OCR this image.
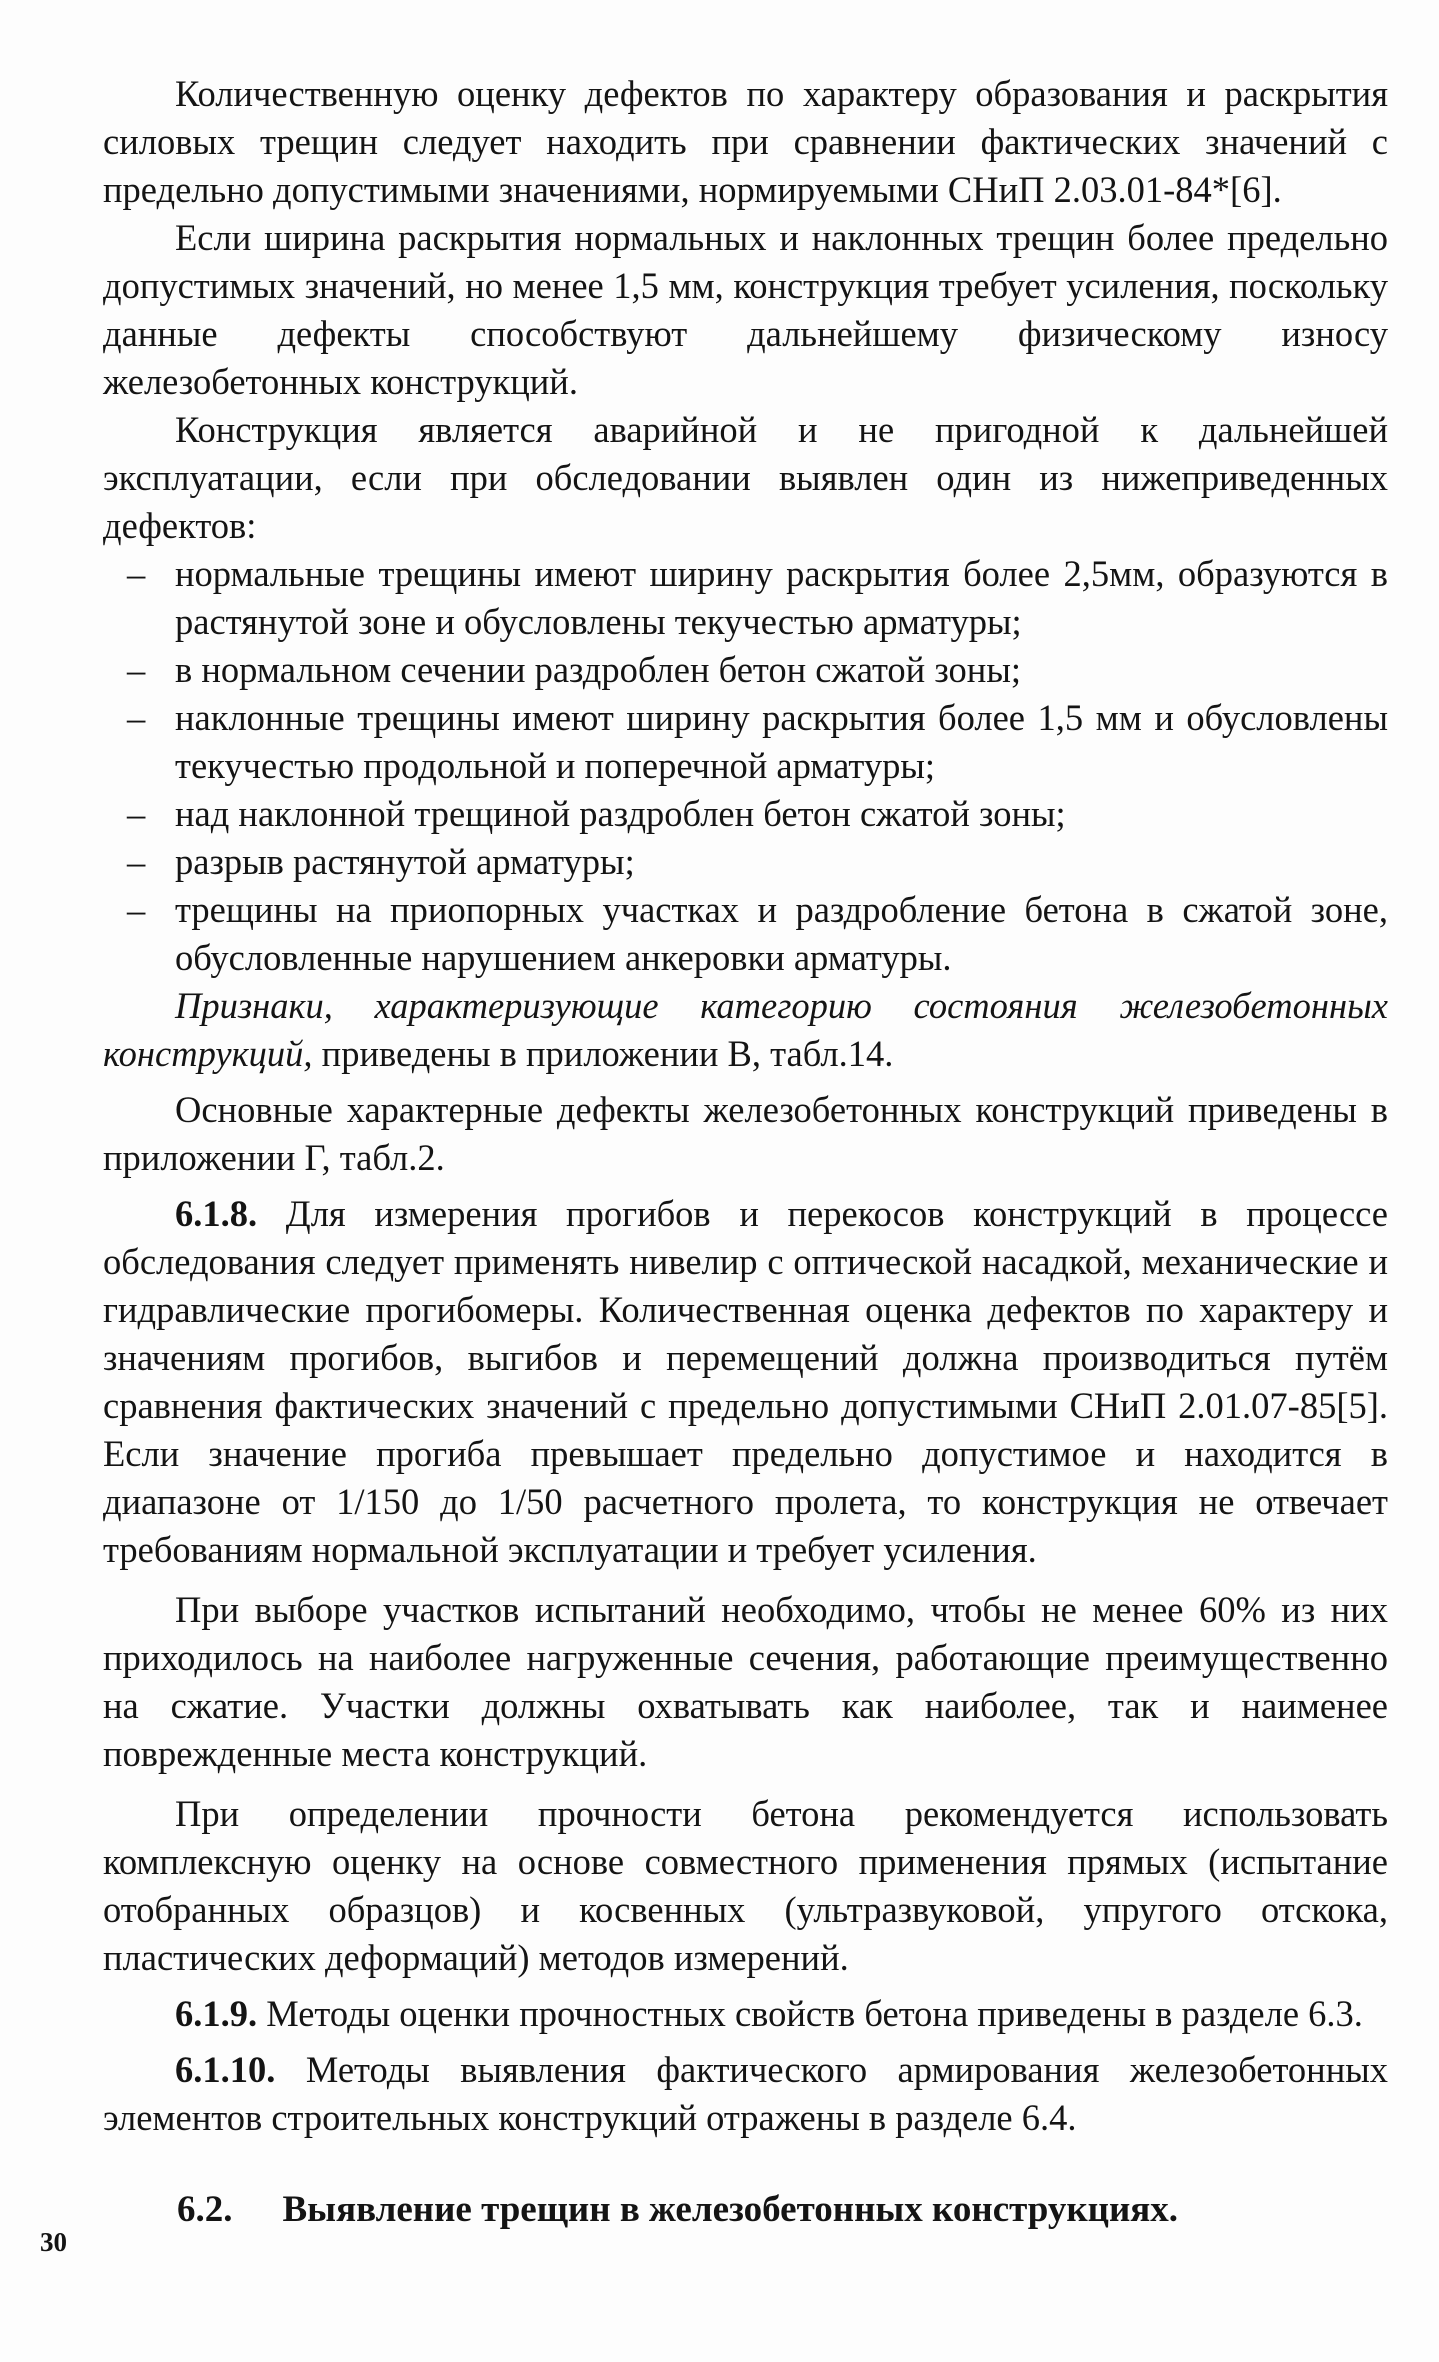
Количественную оценку дефектов по характеру образования и раскрытия силовых трещин следует находить при сравнении фактических значений с предельно допустимыми значениями, нормируемыми СНиП 2.03.01-84*[6].

Если ширина раскрытия нормальных и наклонных трещин более предельно допустимых значений, но менее 1,5 мм, конструкция требует усиления, поскольку данные дефекты способствуют дальнейшему физическому износу железобетонных конструкций.

Конструкция является аварийной и не пригодной к дальнейшей эксплуатации, если при обследовании выявлен один из нижеприведенных дефектов:

– нормальные трещины имеют ширину раскрытия более 2,5мм, образуются в растянутой зоне и обусловлены текучестью арматуры;
– в нормальном сечении раздроблен бетон сжатой зоны;
– наклонные трещины имеют ширину раскрытия более 1,5 мм и обусловлены текучестью продольной и поперечной арматуры;
– над наклонной трещиной раздроблен бетон сжатой зоны;
– разрыв растянутой арматуры;
– трещины на приопорных участках и раздробление бетона в сжатой зоне, обусловленные нарушением анкеровки арматуры.

Признаки, характеризующие категорию состояния железобетонных конструкций, приведены в приложении В, табл.14.

Основные характерные дефекты железобетонных конструкций приведены в приложении Г, табл.2.

6.1.8. Для измерения прогибов и перекосов конструкций в процессе обследования следует применять нивелир с оптической насадкой, механические и гидравлические прогибомеры. Количественная оценка дефектов по характеру и значениям прогибов, выгибов и перемещений должна производиться путём сравнения фактических значений с предельно допустимыми СНиП 2.01.07-85[5]. Если значение прогиба превышает предельно допустимое и находится в диапазоне от 1/150 до 1/50 расчетного пролета, то конструкция не отвечает требованиям нормальной эксплуатации и требует усиления.

При выборе участков испытаний необходимо, чтобы не менее 60% из них приходилось на наиболее нагруженные сечения, работающие преимущественно на сжатие. Участки должны охватывать как наиболее, так и наименее поврежденные места конструкций.

При определении прочности бетона рекомендуется использовать комплексную оценку на основе совместного применения прямых (испытание отобранных образцов) и косвенных (ультразвуковой, упругого отскока, пластических деформаций) методов измерений.

6.1.9. Методы оценки прочностных свойств бетона приведены в разделе 6.3.

6.1.10. Методы выявления фактического армирования железобетонных элементов строительных конструкций отражены в разделе 6.4.

6.2. Выявление трещин в железобетонных конструкциях.
30
